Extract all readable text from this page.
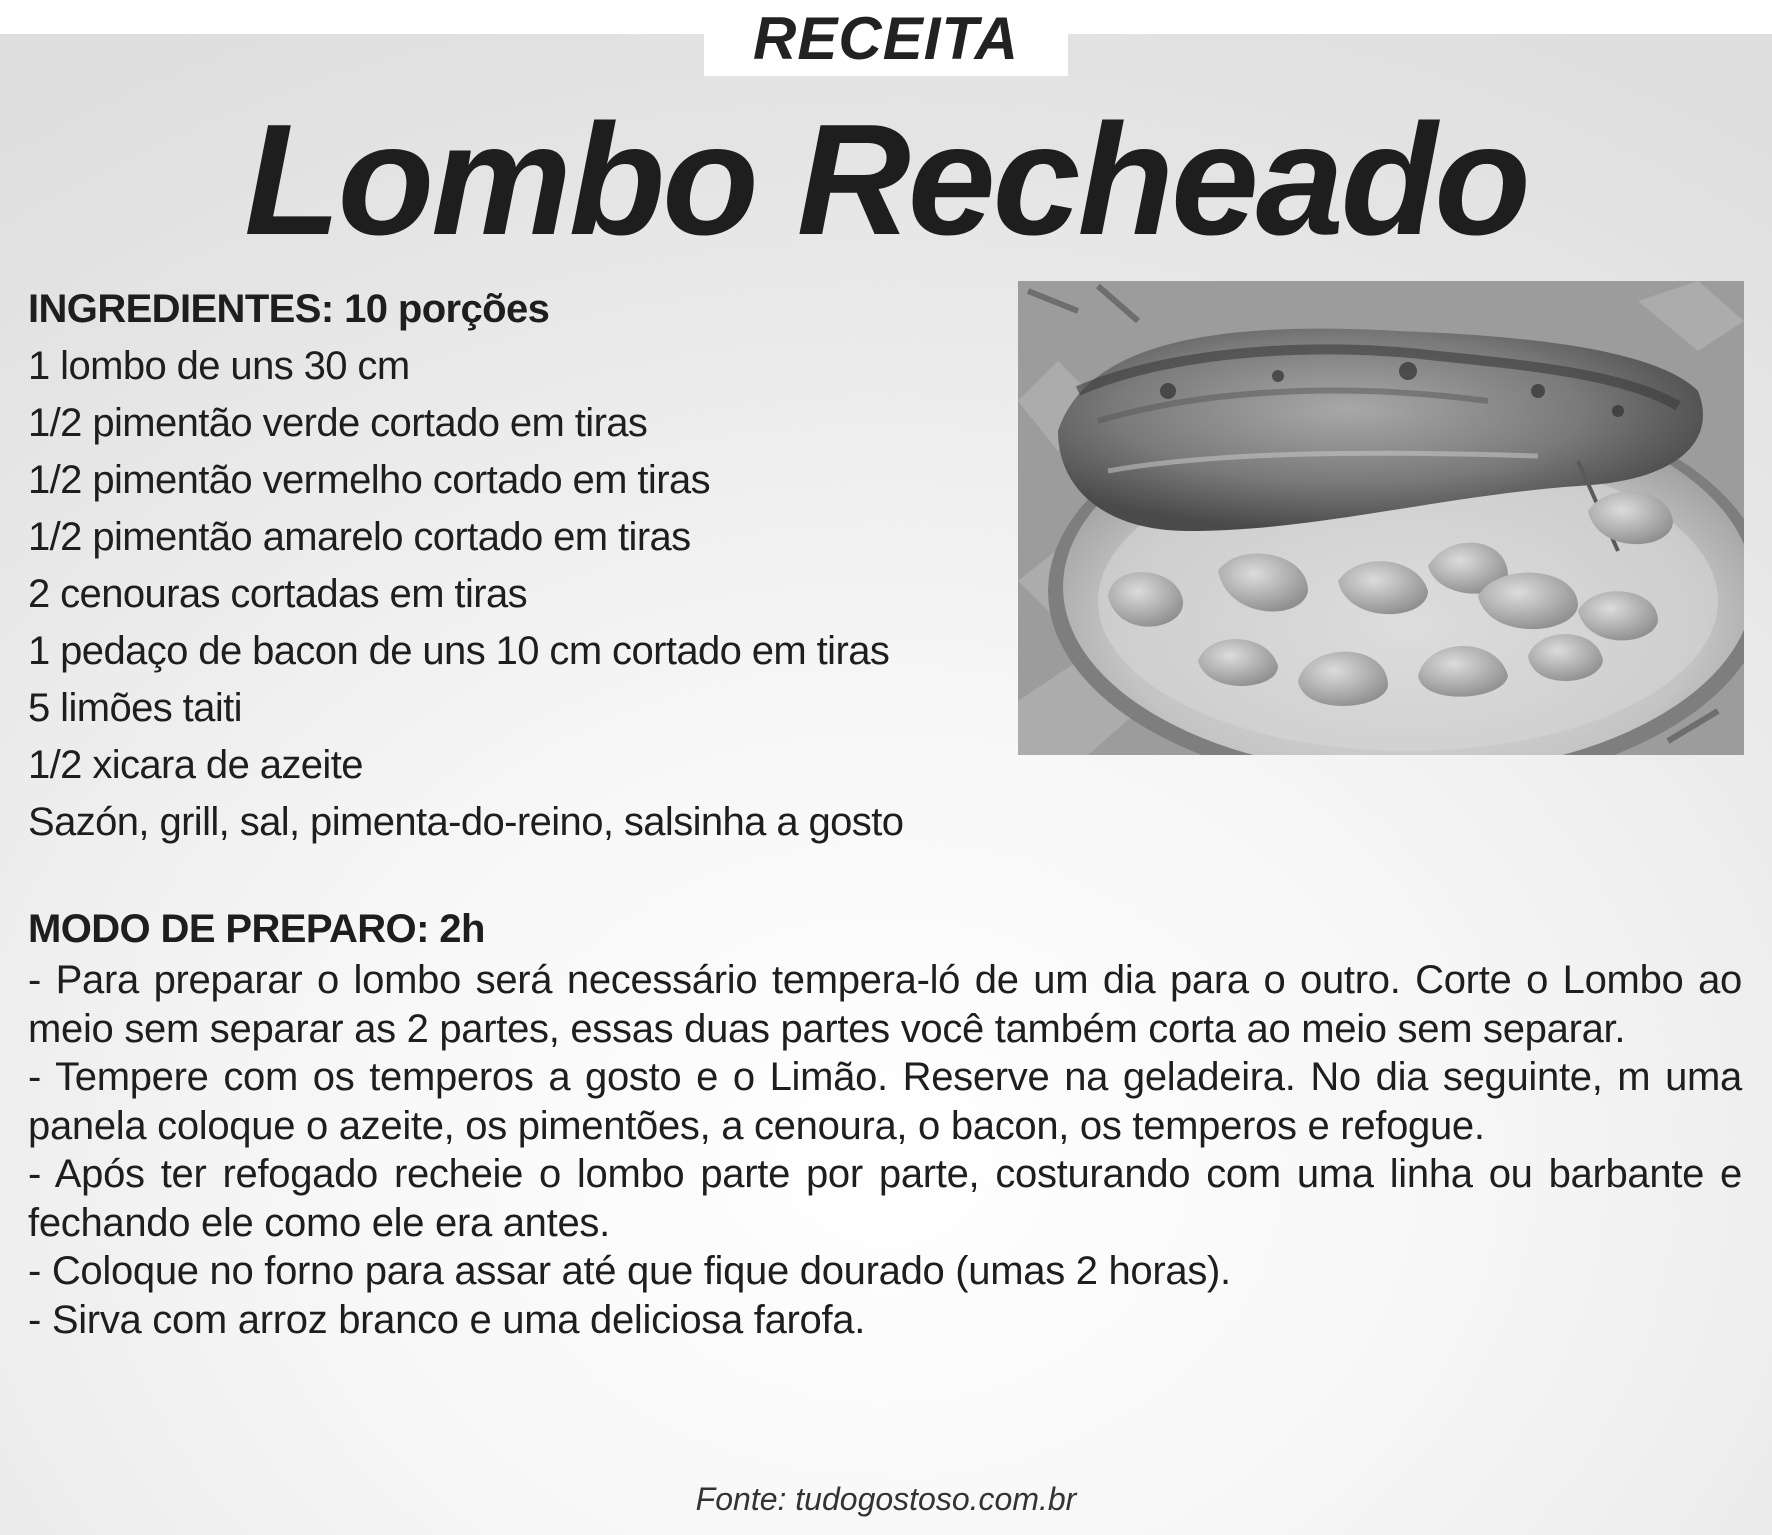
RECEITA
Lombo Recheado
INGREDIENTES: 10 porções
1 lombo de uns 30 cm
1/2 pimentão verde cortado em tiras
1/2 pimentão vermelho cortado em tiras
1/2 pimentão amarelo cortado em tiras
2 cenouras cortadas em tiras
1 pedaço de bacon de uns 10 cm cortado em tiras
5 limões taiti
1/2 xicara de azeite
Sazón, grill, sal, pimenta-do-reino, salsinha a gosto
MODO DE PREPARO: 2h

- Para preparar o lombo será necessário tempera-ló de um dia para o outro. Corte o Lombo ao meio sem separar as 2 partes, essas duas partes você também corta ao meio sem separar.

- Tempere com os temperos a gosto e o Limão. Reserve na geladeira. No dia seguinte, m uma panela coloque o azeite, os pimentões, a cenoura, o bacon, os temperos e refogue.

- Após ter refogado recheie o lombo parte por parte, costurando com uma linha ou barbante e fechando ele como ele era antes.

- Coloque no forno para assar até que fique dourado (umas 2 horas).

- Sirva com arroz branco e uma deliciosa farofa.

Fonte: tudogostoso.com.br
